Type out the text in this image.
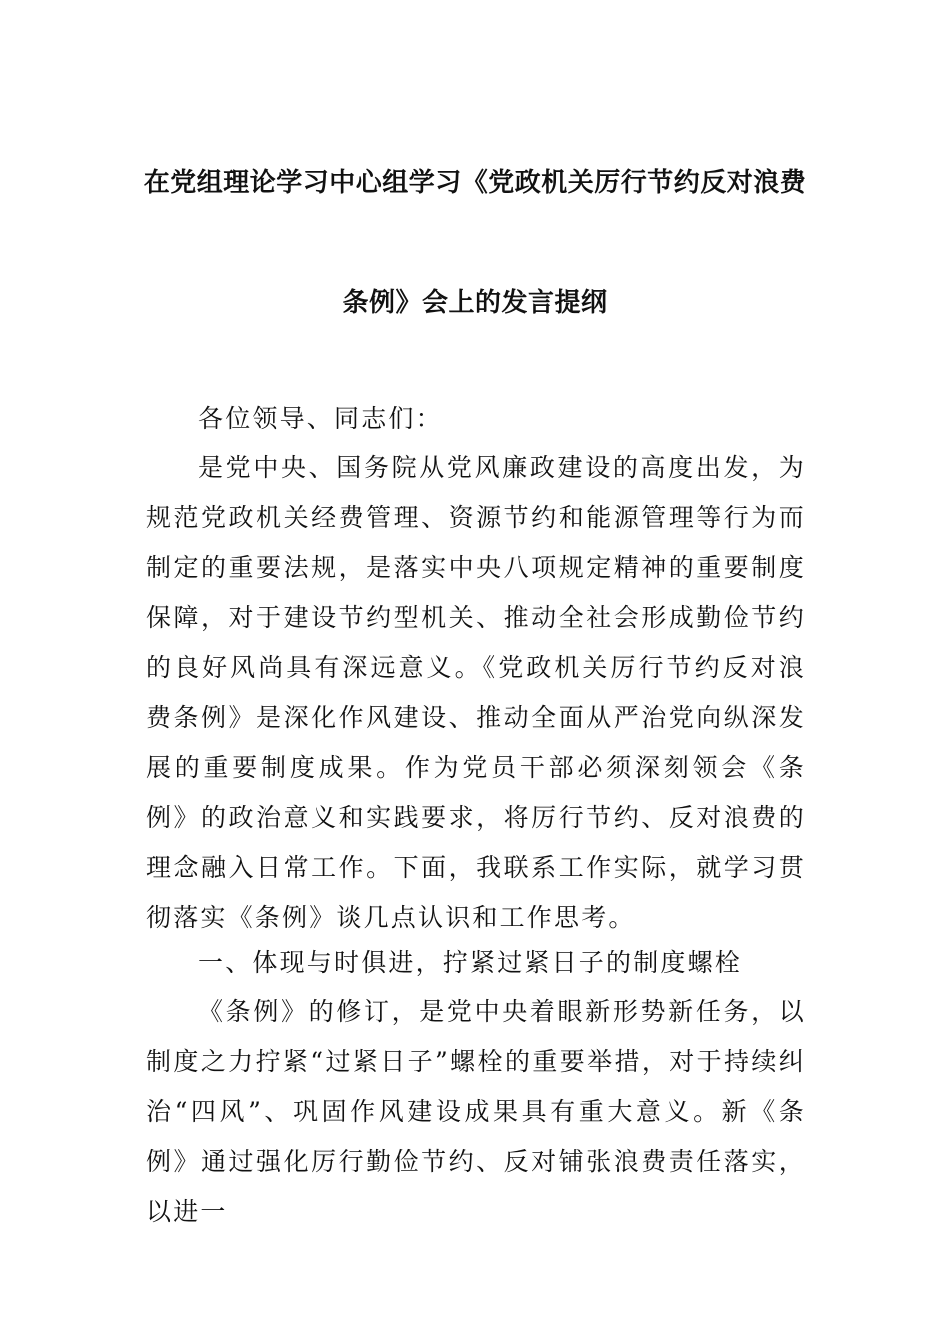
在党组理论学习中心组学习《党政机关厉行节约反对浪费
条例》会上的发言提纲
各位领导、同志们：

是党中央、国务院从党风廉政建设的高度出发，为规范党政机关经费管理、资源节约和能源管理等行为而制定的重要法规，是落实中央八项规定精神的重要制度保障，对于建设节约型机关、推动全社会形成勤俭节约的良好风尚具有深远意义。《党政机关厉行节约反对浪费条例》是深化作风建设、推动全面从严治党向纵深发展的重要制度成果。作为党员干部必须深刻领会《条例》的政治意义和实践要求，将厉行节约、反对浪费的理念融入日常工作。下面，我联系工作实际，就学习贯彻落实《条例》谈几点认识和工作思考。

一、体现与时俱进，拧紧过紧日子的制度螺栓

《条例》的修订，是党中央着眼新形势新任务，以制度之力拧紧“过紧日子”螺栓的重要举措，对于持续纠治“四风”、巩固作风建设成果具有重大意义。新《条例》通过强化厉行勤俭节约、反对铺张浪费责任落实，以进一
